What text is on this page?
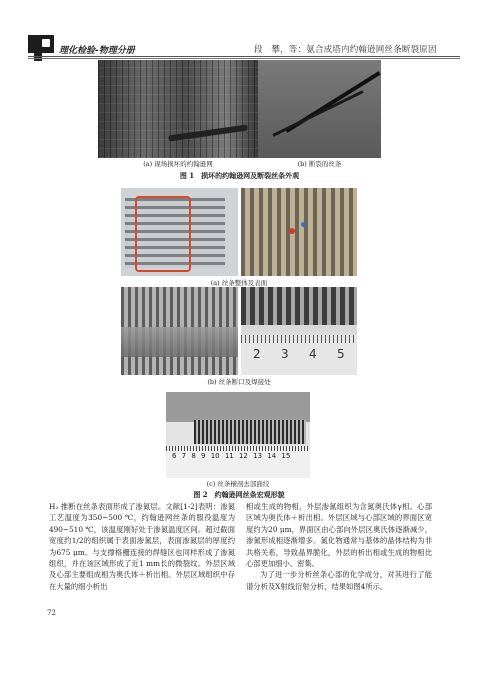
理化检验-物理分册	段　攀，等：氨合成塔内约翰逊网丝条断裂原因
(a) 现场损坏的约翰逊网	(b) 断裂的丝条
图 1　损坏的约翰逊网及断裂丝条外观
(a) 丝条整体及表面
2 3 4 5
(b) 丝条断口及焊接处
6 7 8 9 10 11 12 13 14 15
(c) 丝条横剖去部面绞
图 2　约翰逊网丝条宏观形貌

H₂ 推断在丝条表面形成了渗氮层。文献[1-2]表明：渗氮工艺温度为350~500 ℃，约翰逊网丝条的服役温度为490~510 ℃，该温度刚好处于渗氮温度区间。超过截面宽度约1/2的组织属于表面渗氮层，表面渗氮层的厚度约为675 μm。与支撑格栅连接的焊缝区也同样形成了渗氮组织，并在该区域形成了近1 mm长的微裂纹。外层区域及心部主要组成相为奥氏体＋析出相。外层区域组织中存在大量的细小析出

相或生成的物相，外层渗氮组织为含氮奥氏体γ相。心部区域为奥氏体＋析出相。外层区域与心部区域的界面区宽度约为20 μm，界面区由心部向外层区奥氏体逐渐减少，渗氮形成相逐渐增多。氮化物通常与基体的晶体结构为非共格关系，导致晶界脆化，外层的析出相或生成的物相比心部更加细小、密集。

为了进一步分析丝条心部的化学成分，对其进行了能谱分析及X射线衍射分析，结果如图4所示。

72
